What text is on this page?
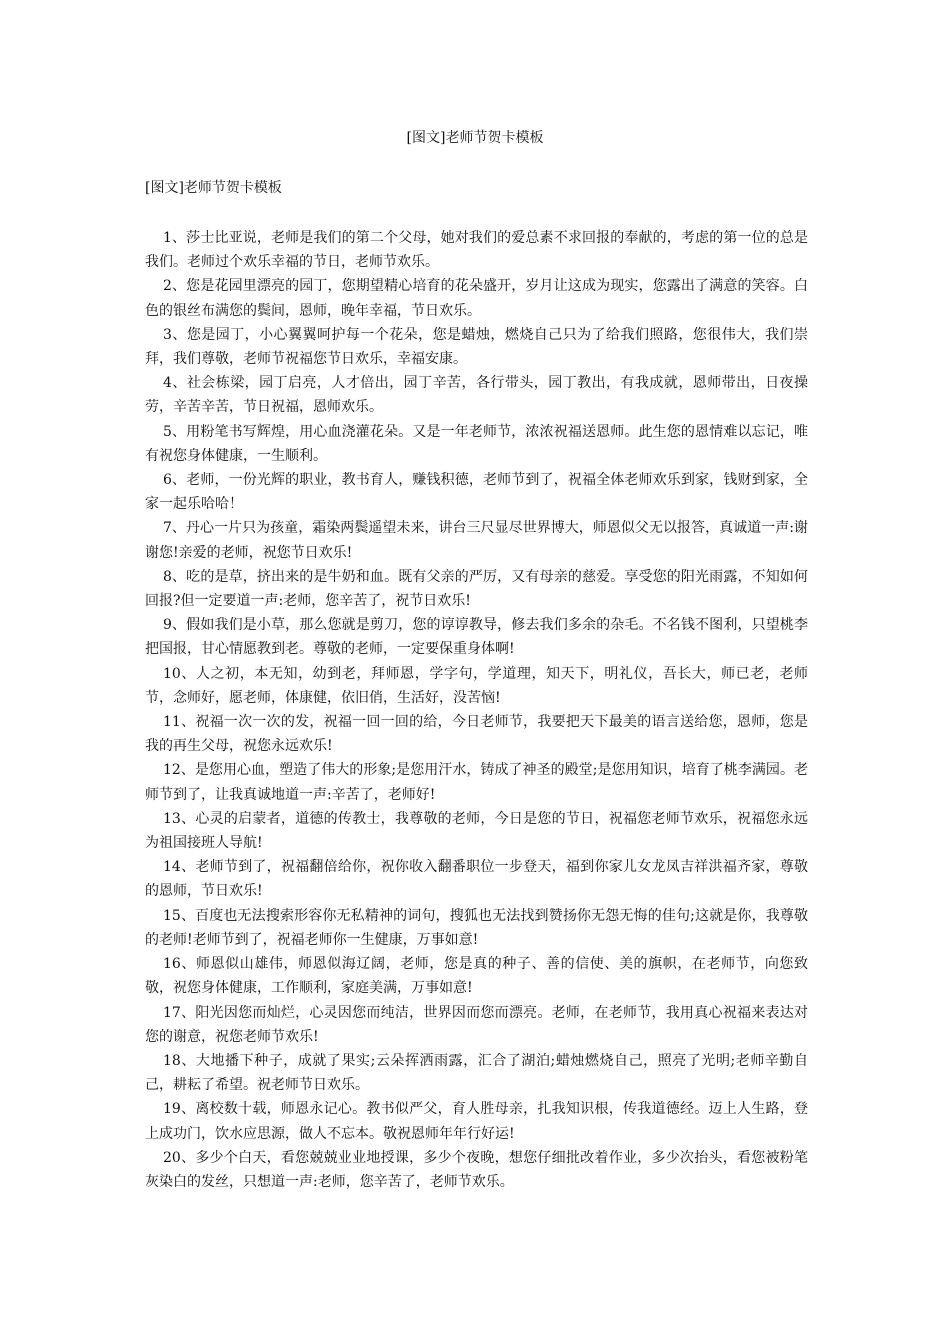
[图文]老师节贺卡模板
[图文]老师节贺卡模板
1、莎士比亚说，老师是我们的第二个父母，她对我们的爱总素不求回报的奉献的，考虑的第一位的总是我们。老师过个欢乐幸福的节日，老师节欢乐。
2、您是花园里漂亮的园丁，您期望精心培育的花朵盛开，岁月让这成为现实，您露出了满意的笑容。白色的银丝布满您的鬓间，恩师，晚年幸福，节日欢乐。
3、您是园丁，小心翼翼呵护每一个花朵，您是蜡烛，燃烧自己只为了给我们照路，您很伟大，我们崇拜，我们尊敬，老师节祝福您节日欢乐，幸福安康。
4、社会栋梁，园丁启亮，人才倍出，园丁辛苦，各行带头，园丁教出，有我成就，恩师带出，日夜操劳，辛苦辛苦，节日祝福，恩师欢乐。
5、用粉笔书写辉煌，用心血浇灌花朵。又是一年老师节，浓浓祝福送恩师。此生您的恩情难以忘记，唯有祝您身体健康，一生顺利。
6、老师，一份光辉的职业，教书育人，赚钱积德，老师节到了，祝福全体老师欢乐到家，钱财到家，全家一起乐哈哈！
7、丹心一片只为孩童，霜染两鬓遥望未来，讲台三尺显尽世界博大，师恩似父无以报答，真诚道一声:谢谢您!亲爱的老师，祝您节日欢乐!
8、吃的是草，挤出来的是牛奶和血。既有父亲的严厉，又有母亲的慈爱。享受您的阳光雨露，不知如何回报?但一定要道一声:老师，您辛苦了，祝节日欢乐!
9、假如我们是小草，那么您就是剪刀，您的谆谆教导，修去我们多余的杂毛。不名钱不图利，只望桃李把国报，甘心情愿教到老。尊敬的老师，一定要保重身体啊!
10、人之初，本无知，幼到老，拜师恩，学字句，学道理，知天下，明礼仪，吾长大，师已老，老师节，念师好，愿老师，体康健，依旧俏，生活好，没苦恼!
11、祝福一次一次的发，祝福一回一回的给，今日老师节，我要把天下最美的语言送给您，恩师，您是我的再生父母，祝您永远欢乐!
12、是您用心血，塑造了伟大的形象;是您用汗水，铸成了神圣的殿堂;是您用知识，培育了桃李满园。老师节到了，让我真诚地道一声:辛苦了，老师好!
13、心灵的启蒙者，道德的传教士，我尊敬的老师，今日是您的节日，祝福您老师节欢乐，祝福您永远为祖国接班人导航!
14、老师节到了，祝福翻倍给你，祝你收入翻番职位一步登天，福到你家儿女龙凤吉祥洪福齐家，尊敬的恩师，节日欢乐!
15、百度也无法搜索形容你无私精神的词句，搜狐也无法找到赞扬你无怨无悔的佳句;这就是你，我尊敬的老师!老师节到了，祝福老师你一生健康，万事如意!
16、师恩似山雄伟，师恩似海辽阔，老师，您是真的种子、善的信使、美的旗帜，在老师节，向您致敬，祝您身体健康，工作顺利，家庭美满，万事如意!
17、阳光因您而灿烂，心灵因您而纯洁，世界因而您而漂亮。老师，在老师节，我用真心祝福来表达对您的谢意，祝您老师节欢乐!
18、大地播下种子，成就了果实;云朵挥洒雨露，汇合了湖泊;蜡烛燃烧自己，照亮了光明;老师辛勤自己，耕耘了希望。祝老师节日欢乐。
19、离校数十载，师恩永记心。教书似严父，育人胜母亲，扎我知识根，传我道德经。迈上人生路，登上成功门，饮水应思源，做人不忘本。敬祝恩师年年行好运!
20、多少个白天，看您兢兢业业地授课，多少个夜晚，想您仔细批改着作业，多少次抬头，看您被粉笔灰染白的发丝，只想道一声:老师，您辛苦了，老师节欢乐。
